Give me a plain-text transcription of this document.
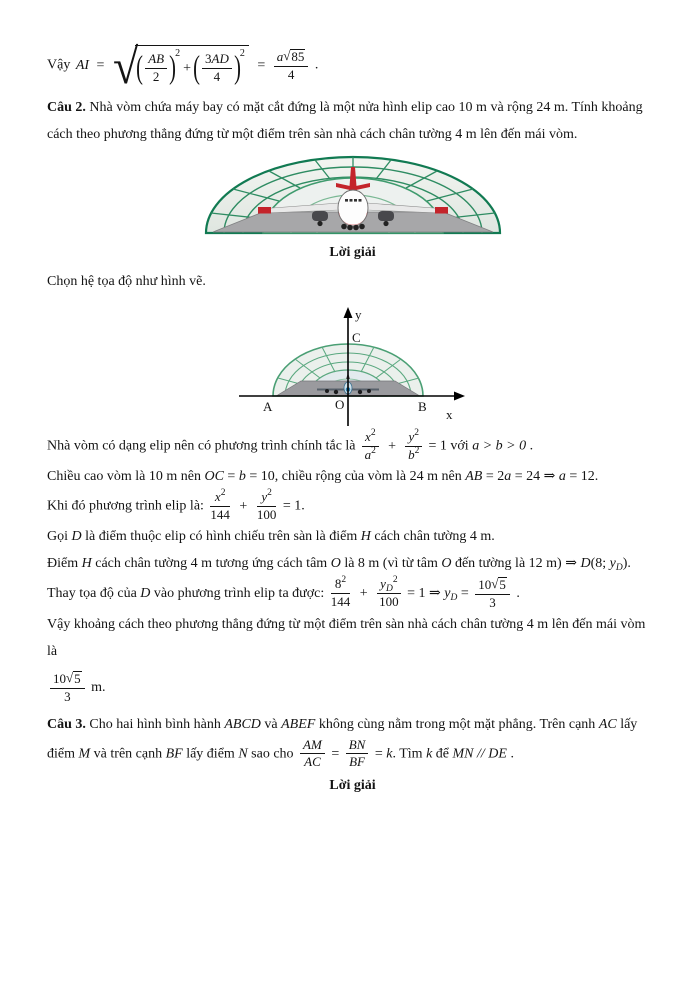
Vậy AI = √
( $\frac{AB}{2} )^2$
+ ( $\frac{3AD}{4} )^2$
= $\frac{a√85}{4}$ .

Câu 2. Nhà vòm chứa máy bay có mặt cắt đứng là một nửa hình elip cao 10 m và rộng 24 m. Tính khoảng cách theo phương thẳng đứng từ một điểm trên sàn nhà cách chân tường 4 m lên đến mái vòm.

Lời giải

Chọn hệ tọa độ như hình vẽ.

y
C
A	O	B
x

Nhà vòm có dạng elip nên có phương trình chính tắc là $\frac{x^2}{a^2} + \frac{y^2}{b^2} = 1$ với a > b > 0 .

Chiều cao vòm là 10 m nên OC = b = 10, chiều rộng của vòm là 24 m nên AB = 2a = 24 ⇒ a = 12.

Khi đó phương trình elip là: $\frac{x^2}{144} + \frac{y^2}{100} = 1$.

Gọi D là điểm thuộc elip có hình chiếu trên sàn là điểm H cách chân tường 4 m.

Điểm H cách chân tường 4 m tương ứng cách tâm O là 8 m (vì từ tâm O đến tường là 12 m) ⇒ D(8; $y_D$).

Thay tọa độ của D vào phương trình elip ta được: $\frac{8^2}{144} + \frac{y_D^2}{100} = 1$ ⇒ $y_D = \frac{10√5}{3}$ .

Vậy khoảng cách theo phương thẳng đứng từ một điểm trên sàn nhà cách chân tường 4 m lên đến mái vòm là

$\frac{10√5}{3} m$.

Câu 3. Cho hai hình bình hành ABCD và ABEF không cùng nằm trong một mặt phẳng. Trên cạnh AC lấy điểm M và trên cạnh BF lấy điểm N sao cho $\frac{AM}{AC} = \frac{BN}{BF} = k$. Tìm k để MN // DE .

Lời giải
